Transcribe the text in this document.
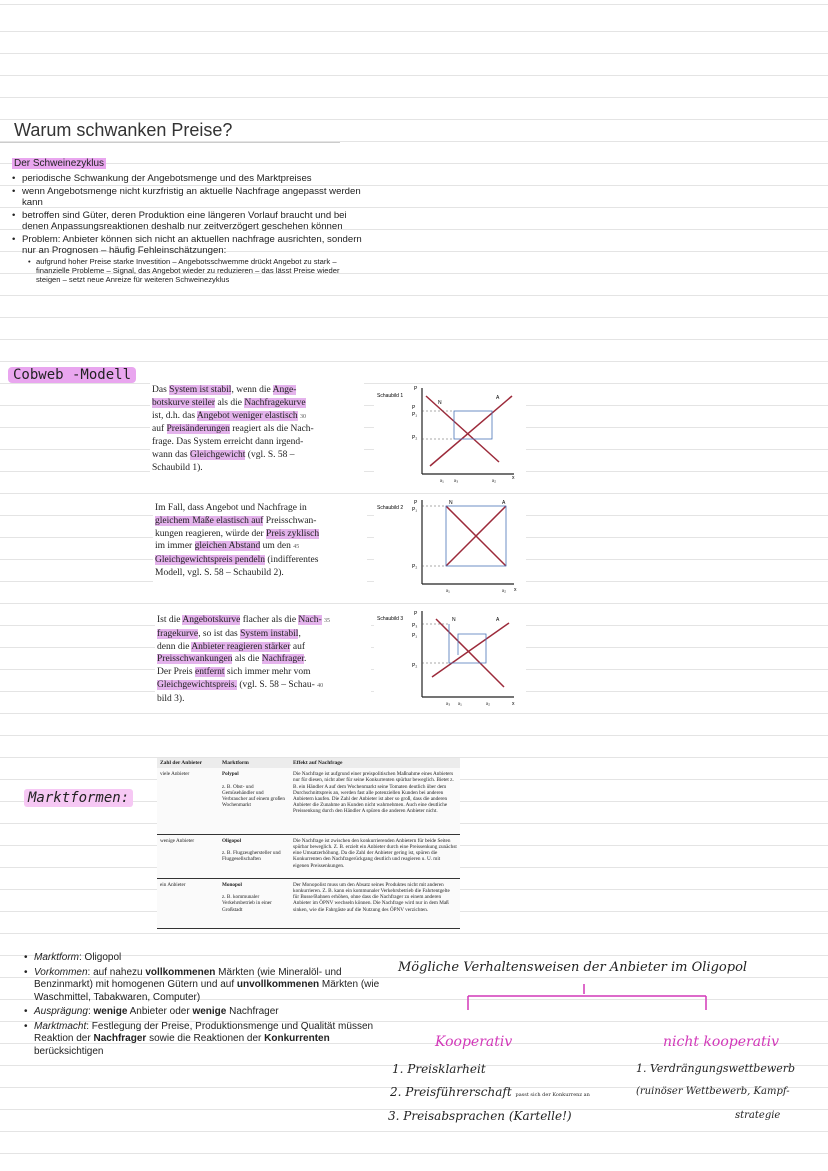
Warum schwanken Preise?
Der Schweinezyklus
• periodische Schwankung der Angebotsmenge und des Marktpreises
• wenn Angebotsmenge nicht kurzfristig an aktuelle Nachfrage angepasst werden kann
• betroffen sind Güter, deren Produktion eine längeren Vorlauf braucht und bei denen Anpassungsreaktionen deshalb nur zeitverzögert geschehen können
• Problem: Anbieter können sich nicht an aktuellen nachfrage ausrichten, sondern nur an Prognosen – häufig Fehleinschätzungen:
• aufgrund hoher Preise starke Investition – Angebotsschwemme drückt Angebot zu stark – finanzielle Probleme – Signal, das Angebot wieder zu reduzieren – das lässt Preise wieder steigen – setzt neue Anreize für weiteren Schweinezyklus
Cobweb -Modell
Das System ist stabil, wenn die Ange-
botskurve steiler als die Nachfragekurve
ist, d.h. das Angebot weniger elastisch 30
auf Preisänderungen reagiert als die Nach-
frage. Das System erreicht dann irgend-
wann das Gleichgewicht (vgl. S. 58 –
Schaubild 1).
Im Fall, dass Angebot und Nachfrage in
gleichem Maße elastisch auf Preisschwan-
kungen reagieren, würde der Preis zyklisch
im immer gleichen Abstand um den 45
Gleichgewichtspreis pendeln (indifferentes
Modell, vgl. S. 58 – Schaubild 2).
Ist die Angebotskurve flacher als die Nach- 35
fragekurve, so ist das System instabil,
denn die Anbieter reagieren stärker auf
Preisschwankungen als die Nachfrager.
Der Preis entfernt sich immer mehr vom
Gleichgewichtspreis. (vgl. S. 58 – Schau- 40
bild 3).
Schaubild 1
P
x
P
P₁
P₂
x₁ x₃	x₂
N
A
Schaubild 2
P
x
P₁
P₂
x₁	x₂
N	A
Schaubild 3
P
x
P₃
P₁
P₂
x₃ x₁	x₂
N	A
Marktformen:
Zahl der Anbieter	Marktform	Effekt auf Nachfrage
viele Anbieter	Polypol

z. B. Obst- und Gemüsehändler und Verbraucher auf einem großen Wochenmarkt	Die Nachfrage ist aufgrund einer preispolitischen Maßnahme eines Anbieters nur für diesen, nicht aber für seine Konkurrenten spürbar beweglich. Bietet z. B. ein Händler A auf dem Wochenmarkt seine Tomaten deutlich über dem Durchschnittspreis an, werden fast alle potenziellen Kunden bei anderen Anbietern kaufen. Die Zahl der Anbieter ist aber so groß, dass die anderen Anbieter die Zunahme an Kunden nicht wahrnehmen. Auch eine deutliche Preissenkung durch den Händler A spüren die anderen Anbieter nicht.
wenige Anbieter	Oligopol

z. B. Flugzeughersteller und Fluggesellschaften	Die Nachfrage ist zwischen den konkurrierenden Anbietern für beide Seiten spürbar beweglich. Z. B. erzielt ein Anbieter durch eine Preissenkung zunächst eine Umsatzerhöhung. Da die Zahl der Anbieter gering ist, spüren die Konkurrenten den Nachfragerückgang deutlich und reagieren u. U. mit eigenen Preissenkungen.
ein Anbieter	Monopol

z. B. kommunaler Verkehrsbetrieb in einer Großstadt	Der Monopolist muss um den Absatz seines Produktes nicht mit anderen konkurrieren. Z. B. kann ein kommunaler Verkehrsbetrieb die Fahrtentgelte für Busse/Bahnen erhöhen, ohne dass die Nachfrager zu einem anderen Anbieter im ÖPNV wechseln können. Die Nachfrage wird nur in dem Maß sinken, wie die Fahrgäste auf die Nutzung des ÖPNV verzichten.
• Marktform: Oligopol
• Vorkommen: auf nahezu vollkommenen Märkten (wie Mineralöl- und Benzinmarkt) mit homogenen Gütern und auf unvollkommenen Märkten (wie Waschmittel, Tabakwaren, Computer)
• Ausprägung: wenige Anbieter oder wenige Nachfrager
• Marktmacht: Festlegung der Preise, Produktionsmenge und Qualität müssen Reaktion der Nachfrager sowie die Reaktionen der Konkurrenten berücksichtigen
Mögliche Verhaltensweisen der Anbieter im Oligopol
Kooperativ	nicht kooperativ
1. Preisklarheit
2. Preisführerschaft passt sich der Konkurrenz an
3. Preisabsprachen (Kartelle!)
1. Verdrängungswettbewerb
(ruinöser Wettbewerb, Kampf-
strategie
